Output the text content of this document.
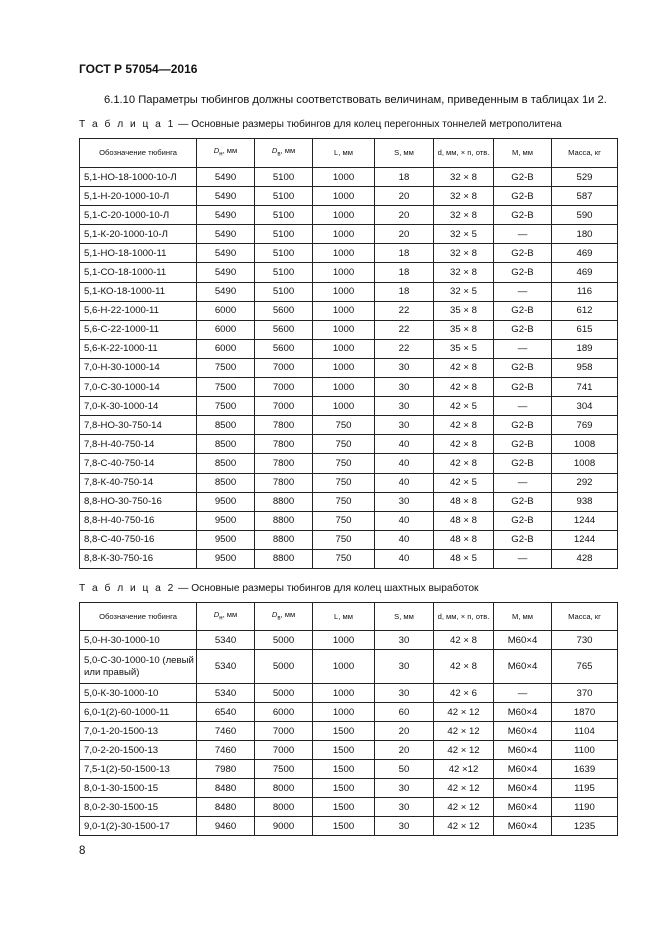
ГОСТ Р 57054—2016
6.1.10 Параметры тюбингов должны соответствовать величинам, приведенным в таблицах 1и 2.
Т а б л и ц а 1 — Основные размеры тюбингов для колец перегонных тоннелей метрополитена
Обозначение тюбинга	$D_н$, мм	$D_в$, мм	L, мм	S, мм	d, мм, × n, отв.	M, мм	Масса, кг
5,1-НО-18-1000-10-Л	5490	5100	1000	18	32 × 8	G2-B	529
5,1-Н-20-1000-10-Л	5490	5100	1000	20	32 × 8	G2-B	587
5,1-С-20-1000-10-Л	5490	5100	1000	20	32 × 8	G2-B	590
5,1-К-20-1000-10-Л	5490	5100	1000	20	32 × 5	—	180
5,1-НО-18-1000-11	5490	5100	1000	18	32 × 8	G2-B	469
5,1-СО-18-1000-11	5490	5100	1000	18	32 × 8	G2-B	469
5,1-КО-18-1000-11	5490	5100	1000	18	32 × 5	—	116
5,6-Н-22-1000-11	6000	5600	1000	22	35 × 8	G2-B	612
5,6-С-22-1000-11	6000	5600	1000	22	35 × 8	G2-B	615
5,6-К-22-1000-11	6000	5600	1000	22	35 × 5	—	189
7,0-Н-30-1000-14	7500	7000	1000	30	42 × 8	G2-B	958
7,0-С-30-1000-14	7500	7000	1000	30	42 × 8	G2-B	741
7,0-К-30-1000-14	7500	7000	1000	30	42 × 5	—	304
7,8-НО-30-750-14	8500	7800	750	30	42 × 8	G2-B	769
7,8-Н-40-750-14	8500	7800	750	40	42 × 8	G2-B	1008
7,8-С-40-750-14	8500	7800	750	40	42 × 8	G2-B	1008
7,8-К-40-750-14	8500	7800	750	40	42 × 5	—	292
8,8-НО-30-750-16	9500	8800	750	30	48 × 8	G2-B	938
8,8-Н-40-750-16	9500	8800	750	40	48 × 8	G2-B	1244
8,8-С-40-750-16	9500	8800	750	40	48 × 8	G2-B	1244
8,8-К-30-750-16	9500	8800	750	40	48 × 5	—	428
Т а б л и ц а 2 — Основные размеры тюбингов для колец шахтных выработок
Обозначение тюбинга	$D_н$, мм	$D_в$, мм	L, мм	S, мм	d, мм, × n, отв.	M, мм	Масса, кг
5,0-Н-30-1000-10	5340	5000	1000	30	42 × 8	M60×4	730
5,0-С-30-1000-10 (левый или правый)	5340	5000	1000	30	42 × 8	M60×4	765
5,0-К-30-1000-10	5340	5000	1000	30	42 × 6	—	370
6,0-1(2)-60-1000-11	6540	6000	1000	60	42 × 12	M60×4	1870
7,0-1-20-1500-13	7460	7000	1500	20	42 × 12	M60×4	1104
7,0-2-20-1500-13	7460	7000	1500	20	42 × 12	M60×4	1100
7,5-1(2)-50-1500-13	7980	7500	1500	50	42 ×12	M60×4	1639
8,0-1-30-1500-15	8480	8000	1500	30	42 × 12	M60×4	1195
8,0-2-30-1500-15	8480	8000	1500	30	42 × 12	M60×4	1190
9,0-1(2)-30-1500-17	9460	9000	1500	30	42 × 12	M60×4	1235
8
